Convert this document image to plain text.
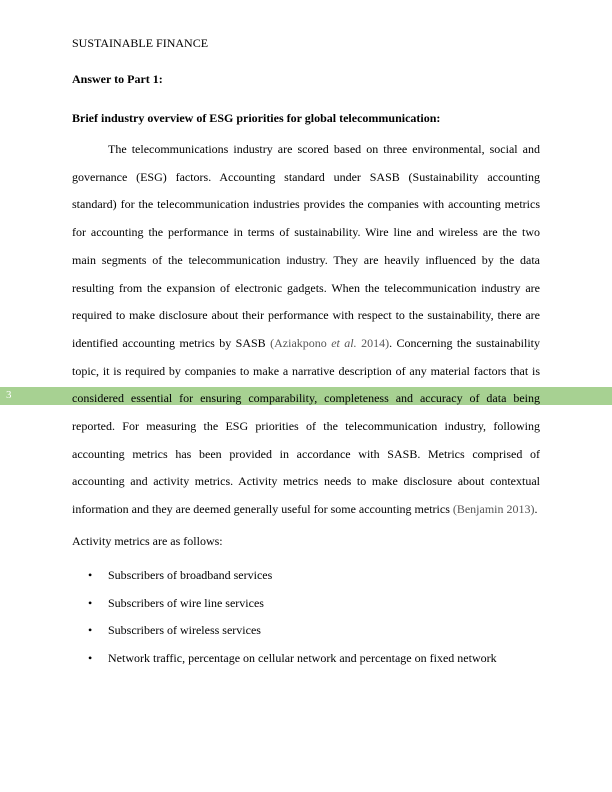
3
SUSTAINABLE FINANCE
Answer to Part 1:
Brief industry overview of ESG priorities for global telecommunication:

The telecommunications industry are scored based on three environmental, social and governance (ESG) factors. Accounting standard under SASB (Sustainability accounting standard) for the telecommunication industries provides the companies with accounting metrics for accounting the performance in terms of sustainability. Wire line and wireless are the two main segments of the telecommunication industry. They are heavily influenced by the data resulting from the expansion of electronic gadgets. When the telecommunication industry are required to make disclosure about their performance with respect to the sustainability, there are identified accounting metrics by SASB (Aziakpono et al. 2014). Concerning the sustainability topic, it is required by companies to make a narrative description of any material factors that is considered essential for ensuring comparability, completeness and accuracy of data being reported. For measuring the ESG priorities of the telecommunication industry, following accounting metrics has been provided in accordance with SASB. Metrics comprised of accounting and activity metrics. Activity metrics needs to make disclosure about contextual information and they are deemed generally useful for some accounting metrics (Benjamin 2013).

Activity metrics are as follows:
• Subscribers of broadband services
• Subscribers of wire line services
• Subscribers of wireless services
• Network traffic, percentage on cellular network and percentage on fixed network
